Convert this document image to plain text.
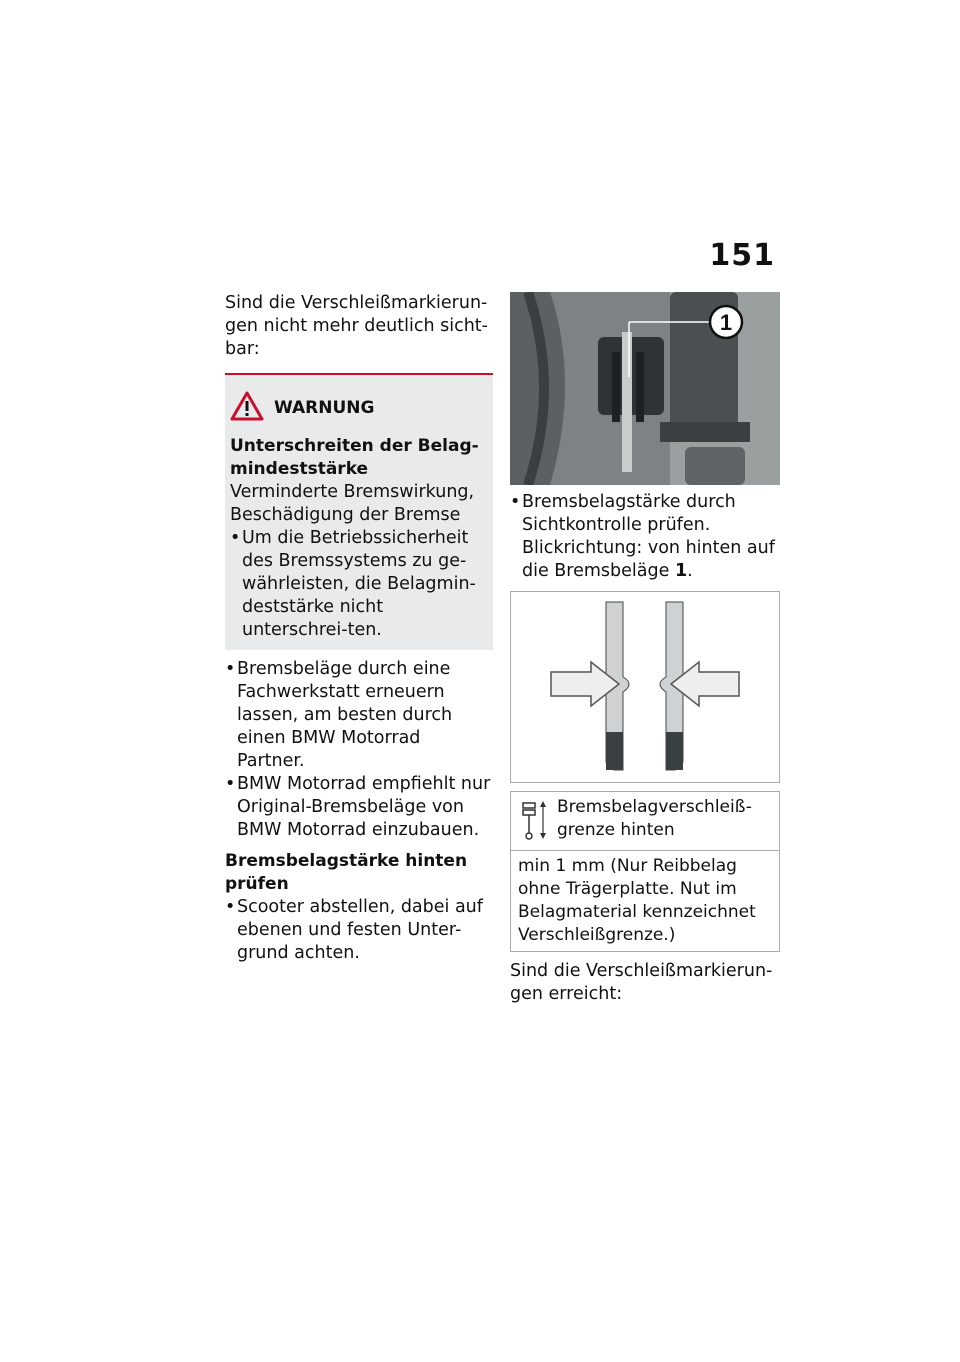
151

Sind die Verschleißmarkierun-gen nicht mehr deutlich sicht-bar:

WARNUNG

Unterschreiten der Belag-mindeststärke

Verminderte Bremswirkung, Beschädigung der Bremse

• Um die Betriebssicherheit des Bremssystems zu ge-währleisten, die Belagmin-deststärke nicht unterschrei-ten.

• Bremsbeläge durch eine Fachwerkstatt erneuern lassen, am besten durch einen BMW Motorrad Partner.

• BMW Motorrad empfiehlt nur Original-Bremsbeläge von BMW Motorrad einzubauen.

Bremsbelagstärke hinten prüfen

• Scooter abstellen, dabei auf ebenen und festen Unter-grund achten.

1

• Bremsbelagstärke durch Sichtkontrolle prüfen.
Blickrichtung: von hinten auf die Bremsbeläge 1.

Bremsbelagverschleiß-grenze hinten
min 1 mm (Nur Reibbelag ohne Trägerplatte. Nut im Belagmaterial kennzeichnet Verschleißgrenze.)

Sind die Verschleißmarkierun-gen erreicht:
